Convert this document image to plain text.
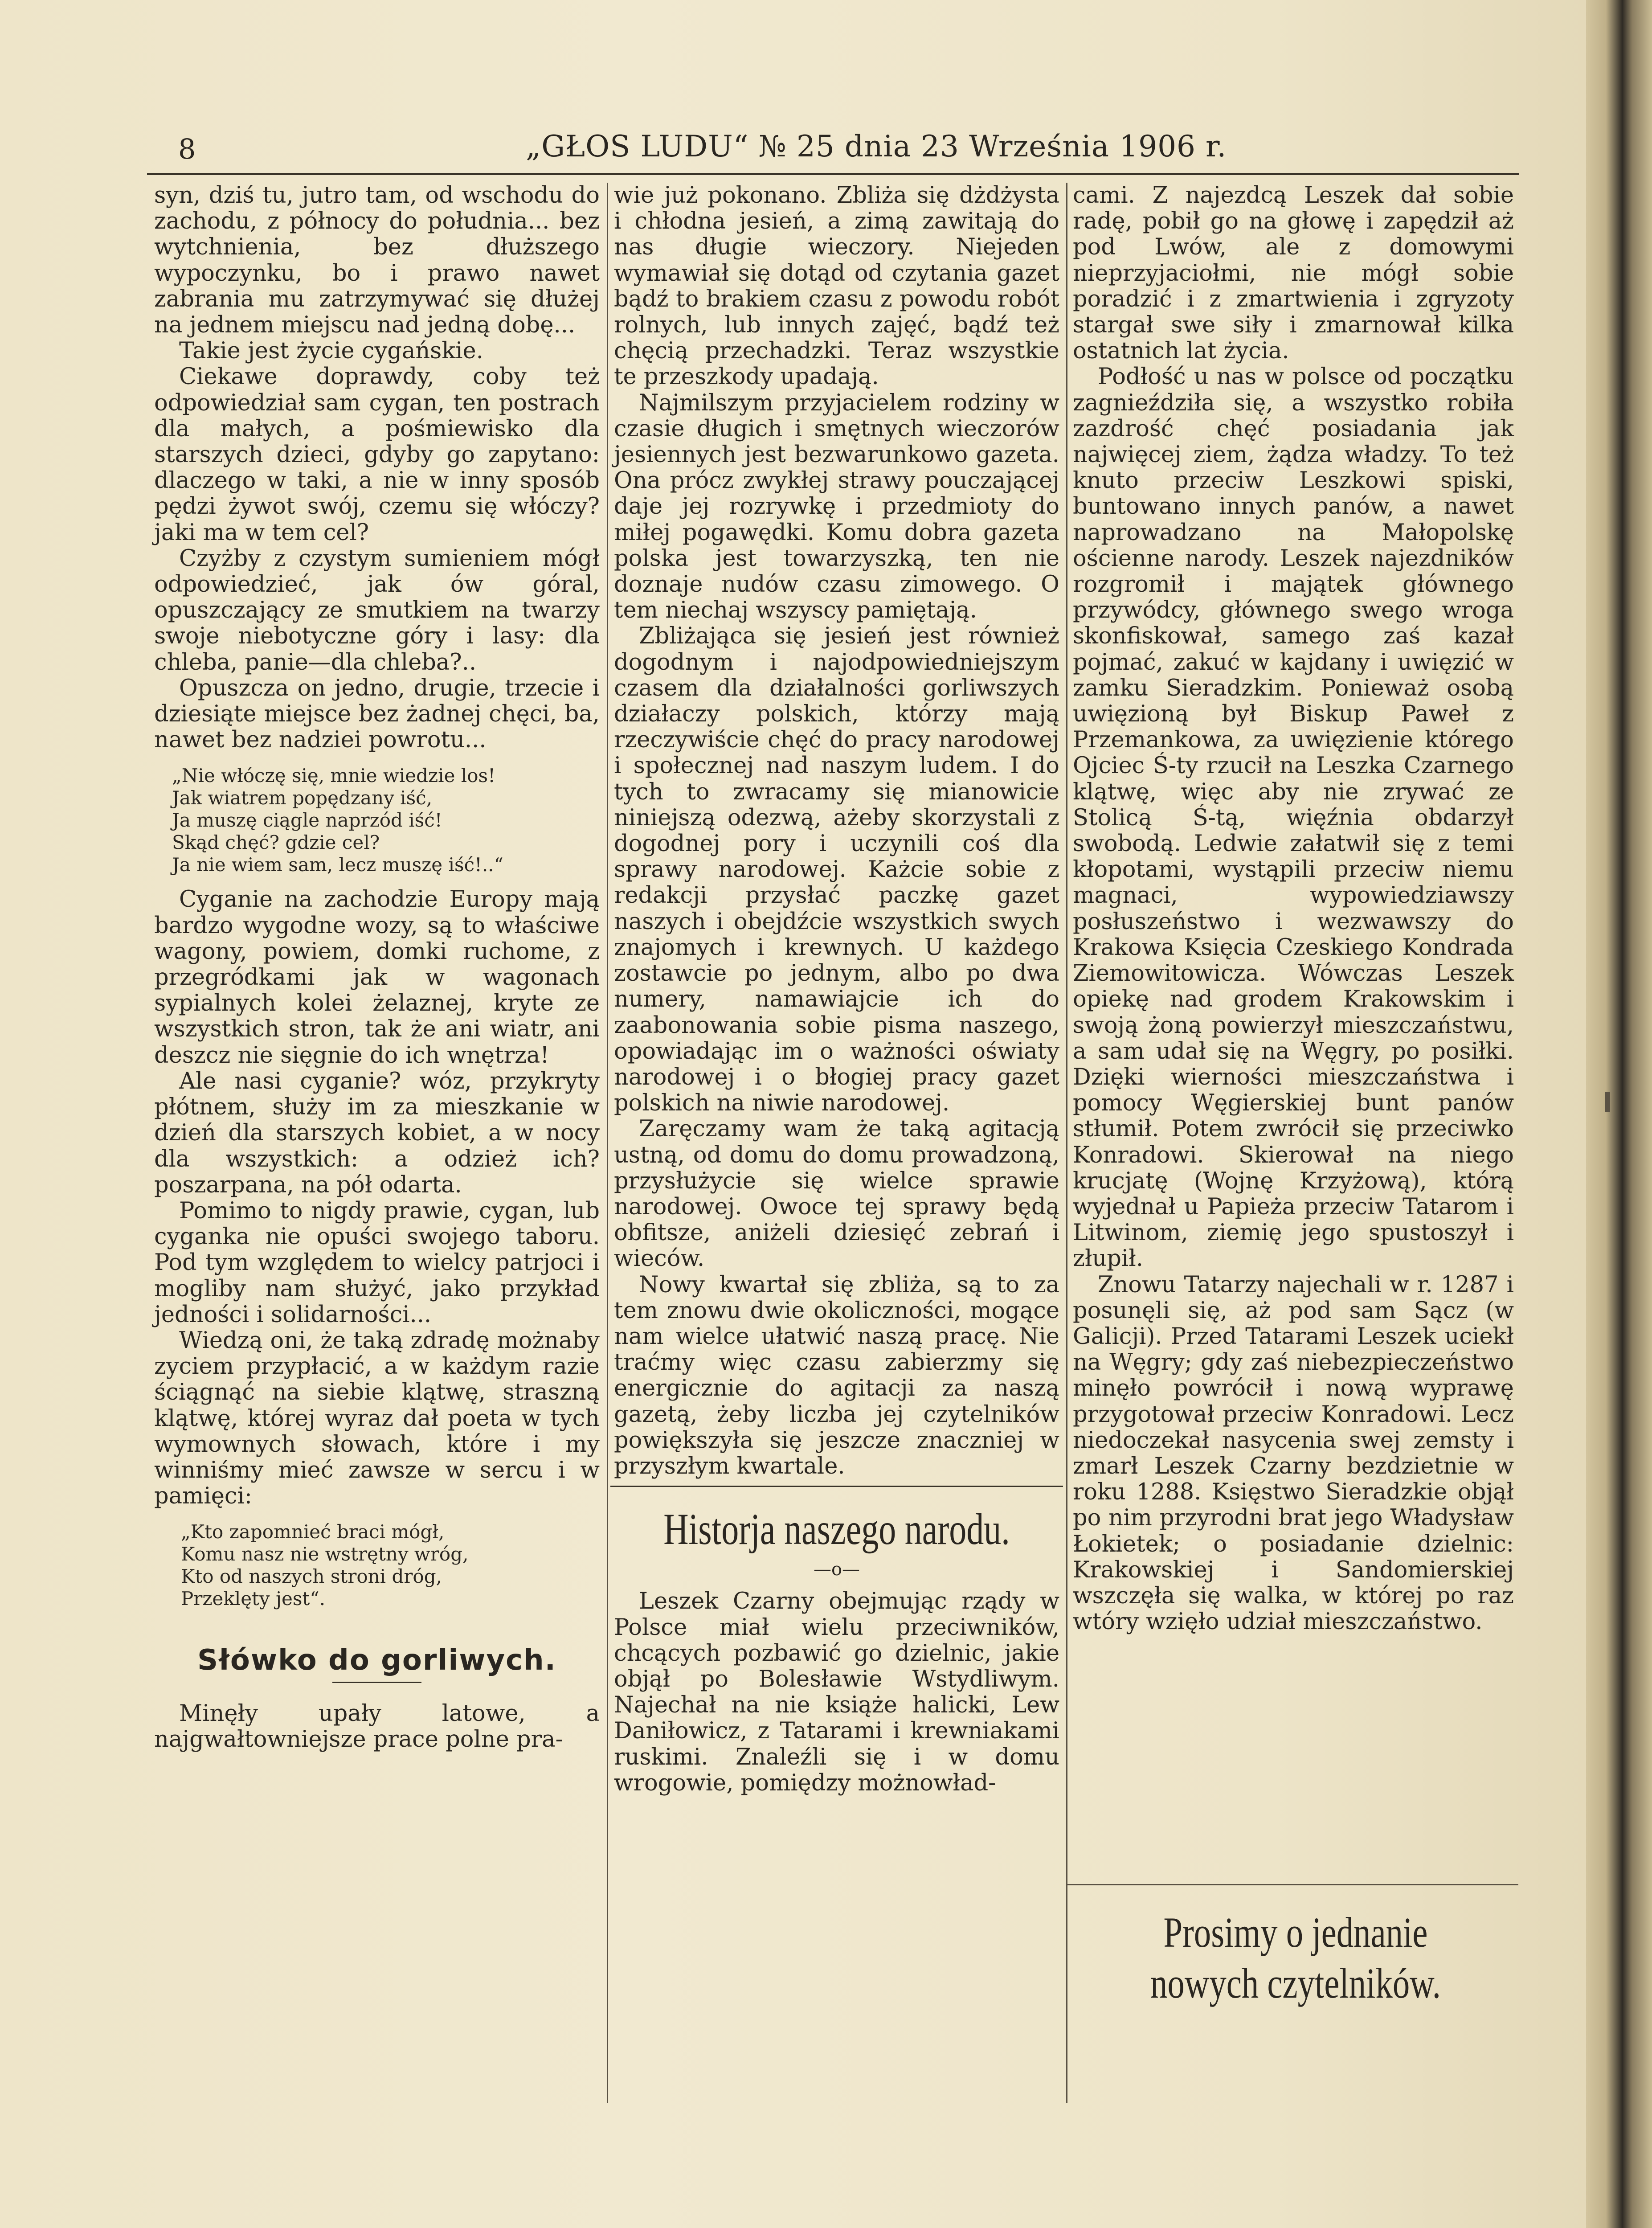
8	„GŁOS LUDU“ № 25 dnia 23 Września 1906 r.

syn, dziś tu, jutro tam, od wschodu do zachodu, z północy do południa... bez wytchnienia, bez dłuższego wypoczynku, bo i prawo nawet zabrania mu zatrzymywać się dłużej na jednem miejscu nad jedną dobę...

Takie jest życie cygańskie.

Ciekawe doprawdy, coby też odpowiedział sam cygan, ten postrach dla małych, a pośmiewisko dla starszych dzieci, gdyby go zapytano: dlaczego w taki, a nie w inny sposób pędzi żywot swój, czemu się włóczy? jaki ma w tem cel?

Czyżby z czystym sumieniem mógł odpowiedzieć, jak ów góral, opuszczający ze smutkiem na twarzy swoje niebotyczne góry i lasy: dla chleba, panie—dla chleba?..

Opuszcza on jedno, drugie, trzecie i dziesiąte miejsce bez żadnej chęci, ba, nawet bez nadziei powrotu...

„Nie włóczę się, mnie wiedzie los!
Jak wiatrem popędzany iść,
Ja muszę ciągle naprzód iść!
Skąd chęć? gdzie cel?
Ja nie wiem sam, lecz muszę iść!..“

Cyganie na zachodzie Europy mają bardzo wygodne wozy, są to właściwe wagony, powiem, domki ruchome, z przegródkami jak w wagonach sypialnych kolei żelaznej, kryte ze wszystkich stron, tak że ani wiatr, ani deszcz nie sięgnie do ich wnętrza!

Ale nasi cyganie? wóz, przykryty płótnem, służy im za mieszkanie w dzień dla starszych kobiet, a w nocy dla wszystkich: a odzież ich? poszarpana, na pół odarta.

Pomimo to nigdy prawie, cygan, lub cyganka nie opuści swojego taboru. Pod tym względem to wielcy patrjoci i mogliby nam służyć, jako przykład jedności i solidarności...

Wiedzą oni, że taką zdradę możnaby zyciem przypłacić, a w każdym razie ściągnąć na siebie klątwę, straszną klątwę, której wyraz dał poeta w tych wymownych słowach, które i my winniśmy mieć zawsze w sercu i w pamięci:

„Kto zapomnieć braci mógł,
Komu nasz nie wstrętny wróg,
Kto od naszych stroni dróg,
Przeklęty jest“.
Słówko do gorliwych.

Minęły upały latowe, a najgwałtowniejsze prace polne pra-

wie już pokonano. Zbliża się dżdżysta i chłodna jesień, a zimą zawitają do nas długie wieczory. Niejeden wymawiał się dotąd od czytania gazet bądź to brakiem czasu z powodu robót rolnych, lub innych zajęć, bądź też chęcią przechadzki. Teraz wszystkie te przeszkody upadają.

Najmilszym przyjacielem rodziny w czasie długich i smętnych wieczorów jesiennych jest bezwarunkowo gazeta. Ona prócz zwykłej strawy pouczającej daje jej rozrywkę i przedmioty do miłej pogawędki. Komu dobra gazeta polska jest towarzyszką, ten nie doznaje nudów czasu zimowego. O tem niechaj wszyscy pamiętają.

Zbliżająca się jesień jest również dogodnym i najodpowiedniejszym czasem dla działalności gorliwszych działaczy polskich, którzy mają rzeczywiście chęć do pracy narodowej i społecznej nad naszym ludem. I do tych to zwracamy się mianowicie niniejszą odezwą, ażeby skorzystali z dogodnej pory i uczynili coś dla sprawy narodowej. Każcie sobie z redakcji przysłać paczkę gazet naszych i obejdźcie wszystkich swych znajomych i krewnych. U każdego zostawcie po jednym, albo po dwa numery, namawiajcie ich do zaabonowania sobie pisma naszego, opowiadając im o ważności oświaty narodowej i o błogiej pracy gazet polskich na niwie narodowej.

Zaręczamy wam że taką agitacją ustną, od domu do domu prowadzoną, przysłużycie się wielce sprawie narodowej. Owoce tej sprawy będą obfitsze, aniżeli dziesięć zebrań i wieców.

Nowy kwartał się zbliża, są to za tem znowu dwie okoliczności, mogące nam wielce ułatwić naszą pracę. Nie traćmy więc czasu zabierzmy się energicznie do agitacji za naszą gazetą, żeby liczba jej czytelników powiększyła się jeszcze znaczniej w przyszłym kwartale.

Historja naszego narodu.
—o—

Leszek Czarny obejmując rządy w Polsce miał wielu przeciwników, chcących pozbawić go dzielnic, jakie objął po Bolesławie Wstydliwym. Najechał na nie książe halicki, Lew Daniłowicz, z Tatarami i krewniakami ruskimi. Znaleźli się i w domu wrogowie, pomiędzy możnowład-

cami. Z najezdcą Leszek dał sobie radę, pobił go na głowę i zapędził aż pod Lwów, ale z domowymi nieprzyjaciołmi, nie mógł sobie poradzić i z zmartwienia i zgryzoty stargał swe siły i zmarnował kilka ostatnich lat życia.

Podłość u nas w polsce od początku zagnieździła się, a wszystko robiła zazdrość chęć posiadania jak najwięcej ziem, żądza władzy. To też knuto przeciw Leszkowi spiski, buntowano innych panów, a nawet naprowadzano na Małopolskę ościenne narody. Leszek najezdników rozgromił i majątek głównego przywódcy, głównego swego wroga skonfiskował, samego zaś kazał pojmać, zakuć w kajdany i uwięzić w zamku Sieradzkim. Ponieważ osobą uwięzioną był Biskup Paweł z Przemankowa, za uwięzienie którego Ojciec Ś-ty rzucił na Leszka Czarnego klątwę, więc aby nie zrywać ze Stolicą Ś-tą, więźnia obdarzył swobodą. Ledwie załatwił się z temi kłopotami, wystąpili przeciw niemu magnaci, wypowiedziawszy posłuszeństwo i wezwawszy do Krakowa Księcia Czeskiego Kondrada Ziemowitowicza. Wówczas Leszek opiekę nad grodem Krakowskim i swoją żoną powierzył mieszczaństwu, a sam udał się na Węgry, po posiłki. Dzięki wierności mieszczaństwa i pomocy Węgierskiej bunt panów stłumił. Potem zwrócił się przeciwko Konradowi. Skierował na niego krucjatę (Wojnę Krzyżową), którą wyjednał u Papieża przeciw Tatarom i Litwinom, ziemię jego spustoszył i złupił.

Znowu Tatarzy najechali w r. 1287 i posunęli się, aż pod sam Sącz (w Galicji). Przed Tatarami Leszek uciekł na Węgry; gdy zaś niebezpieczeństwo minęło powrócił i nową wyprawę przygotował przeciw Konradowi. Lecz niedoczekał nasycenia swej zemsty i zmarł Leszek Czarny bezdzietnie w roku 1288. Księstwo Sieradzkie objął po nim przyrodni brat jego Władysław Łokietek; o posiadanie dzielnic: Krakowskiej i Sandomierskiej wszczęła się walka, w której po raz wtóry wzięło udział mieszczaństwo.

Prosimy o jednanie nowych czytelników.
